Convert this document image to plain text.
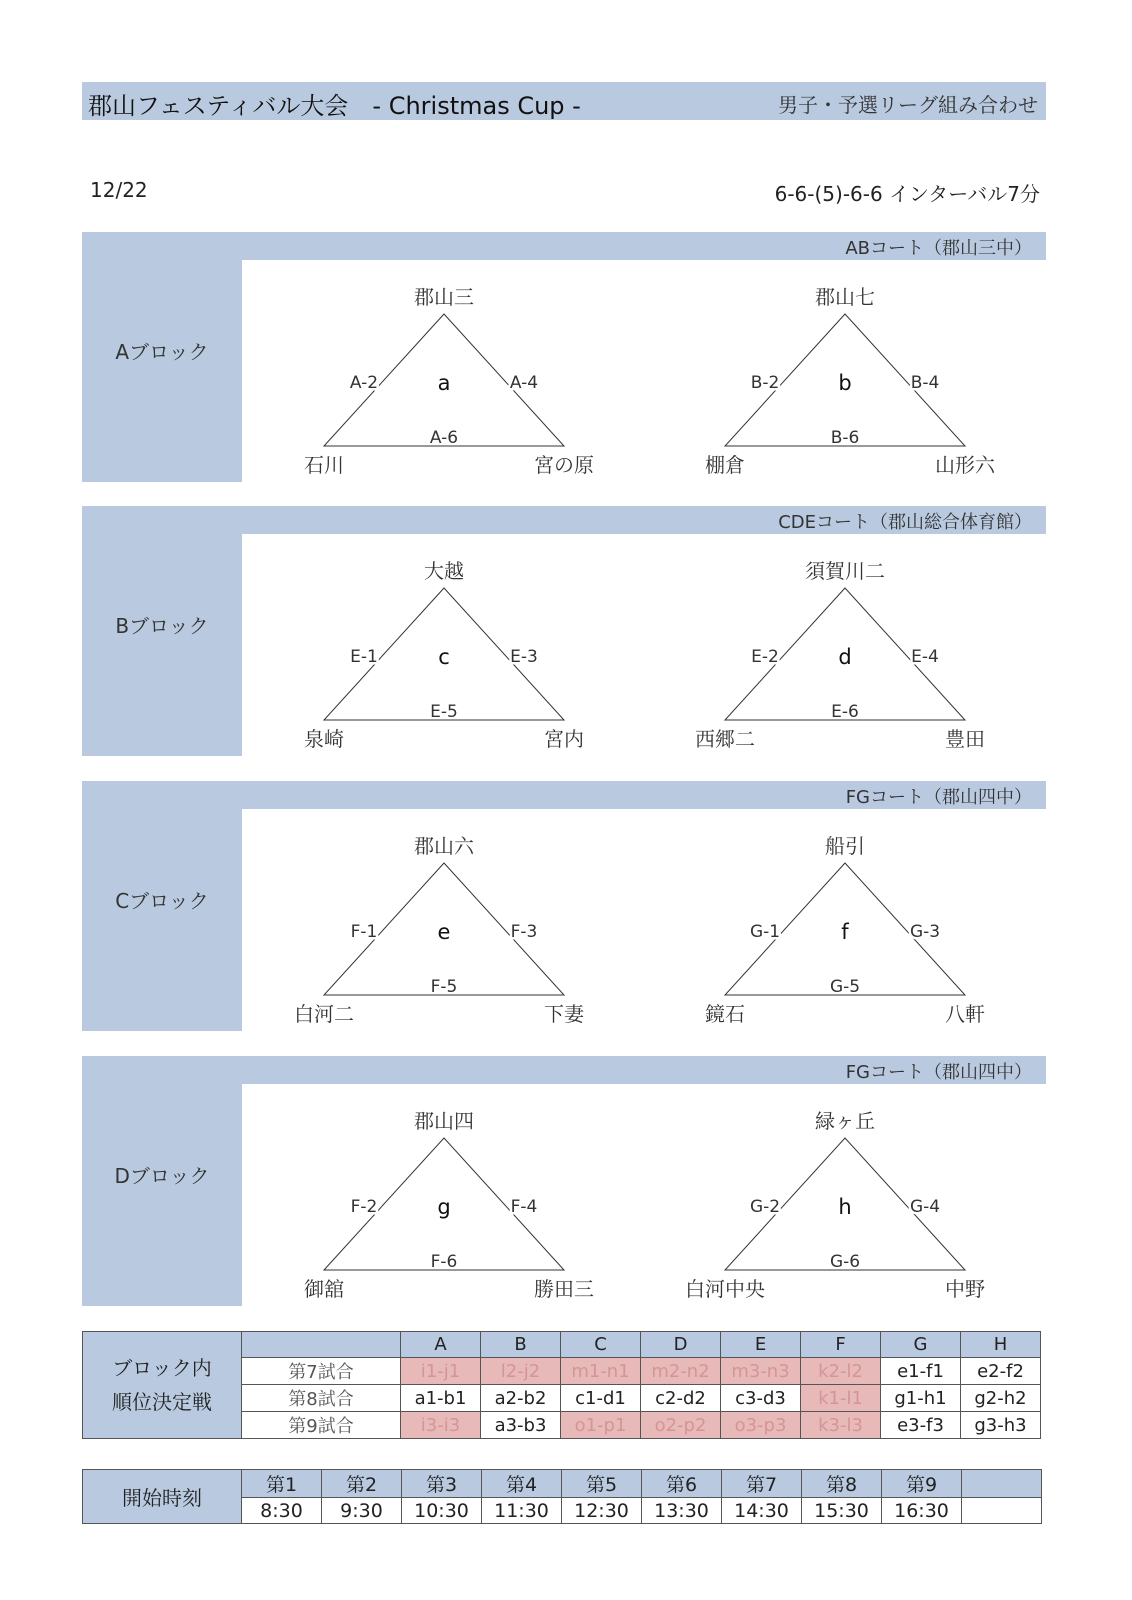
郡山フェスティバル大会　- Christmas Cup -	男子・予選リーグ組み合わせ
12/22	6-6-(5)-6-6 インターバル7分
ABコート（郡山三中）
郡山三
石川	宮の原
a
A-2	A-4
A-6
郡山七
棚倉	山形六
b
B-2	B-4
B-6
Aブロック
CDEコート（郡山総合体育館）
大越
泉崎	宮内
c
E-1	E-3
E-5
須賀川二
西郷二	豊田
d
E-2	E-4
E-6
Bブロック
FGコート（郡山四中）
郡山六
白河二	下妻
e
F-1	F-3
F-5
船引
鏡石	八軒
f
G-1	G-3
G-5
Cブロック
FGコート（郡山四中）
郡山四
御舘	勝田三
g
F-2	F-4
F-6
緑ヶ丘
白河中央	中野
h
G-2	G-4
G-6
Dブロック
ブロック内
順位決定戦		A	B	C	D	E	F	G	H
	第7試合	i1-j1	l2-j2	m1-n1	m2-n2	m3-n3	k2-l2	e1-f1	e2-f2
	第8試合	a1-b1	a2-b2	c1-d1	c2-d2	c3-d3	k1-l1	g1-h1	g2-h2
	第9試合	i3-i3	a3-b3	o1-p1	o2-p2	o3-p3	k3-l3	e3-f3	g3-h3
開始時刻	第1	第2	第3	第4	第5	第6	第7	第8	第9	
	8:30	9:30	10:30	11:30	12:30	13:30	14:30	15:30	16:30	
